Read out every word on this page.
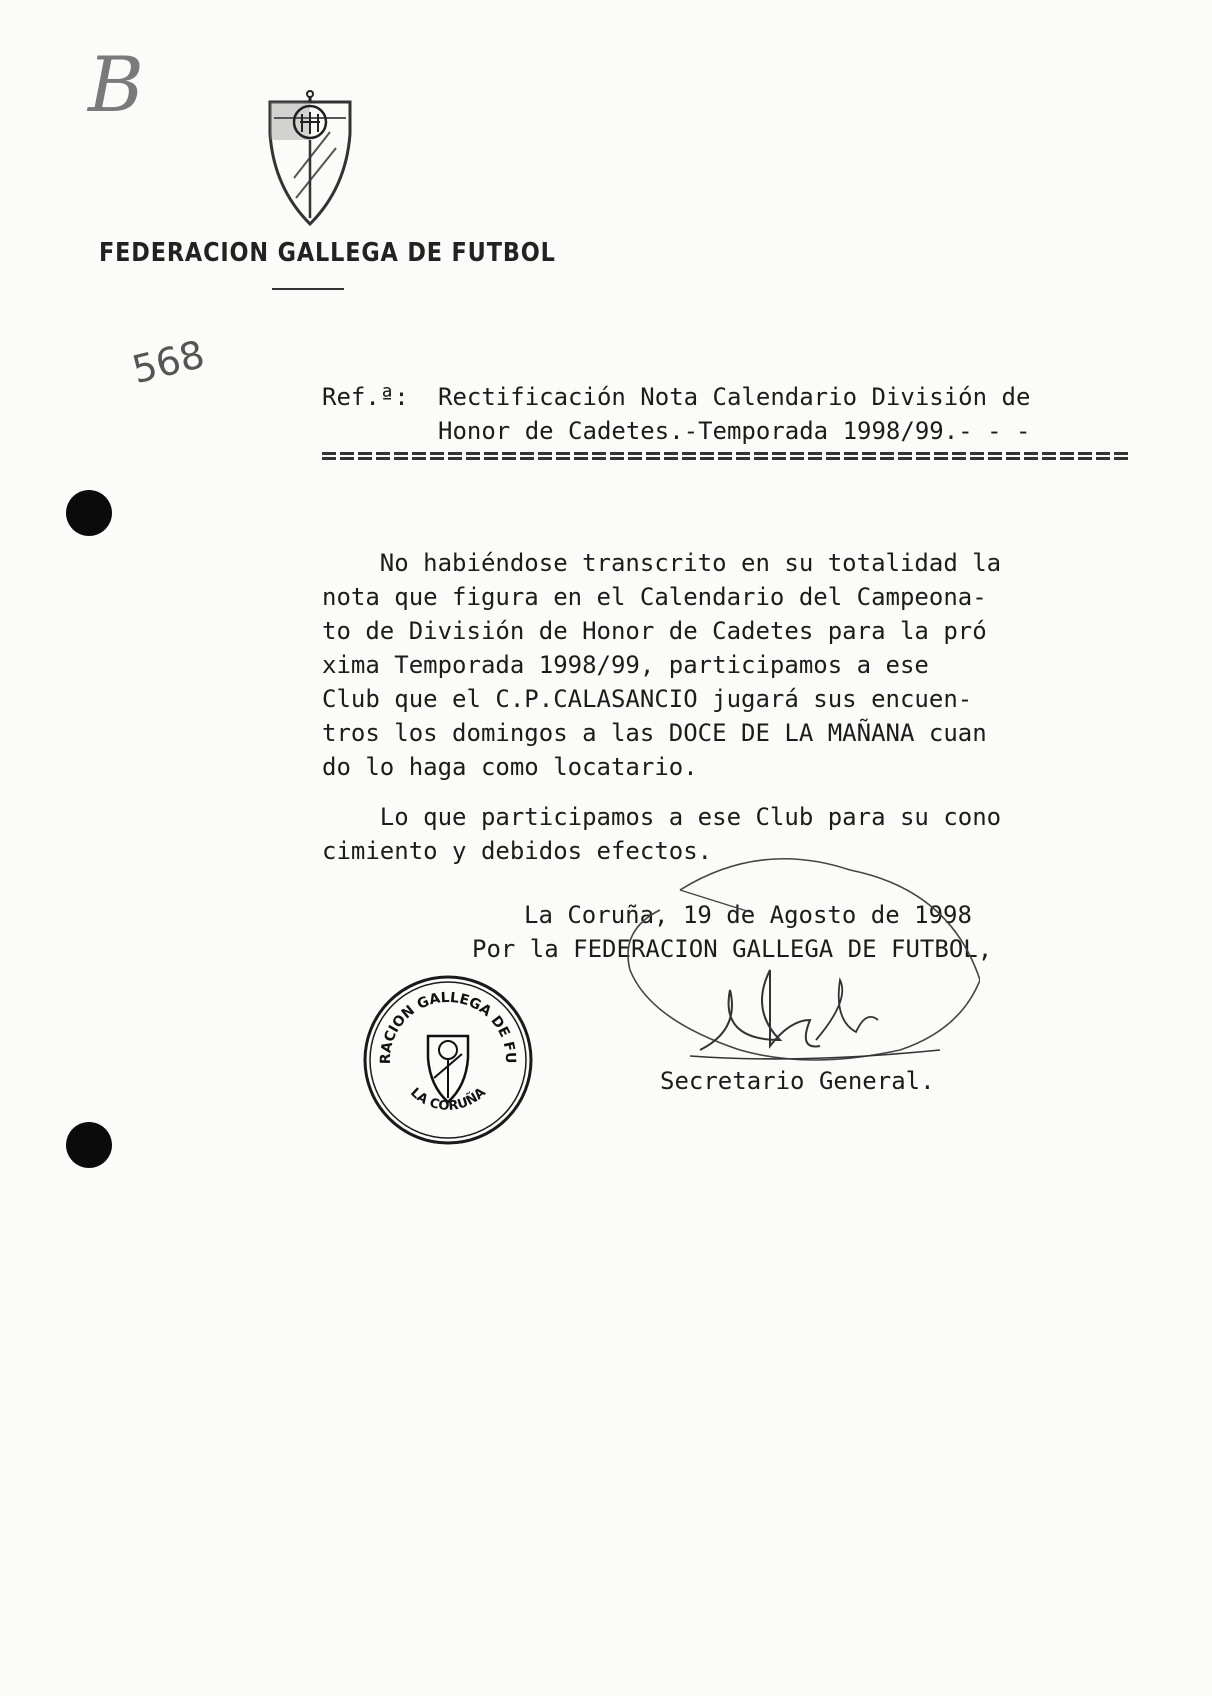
B
568
FEDERACION GALLEGA DE FUTBOL
Ref.ª: Rectificación Nota Calendario División de
Honor de Cadetes.-Temporada 1998/99.- - -
No habiéndose transcrito en su totalidad la
nota que figura en el Calendario del Campeona-
to de División de Honor de Cadetes para la pró
xima Temporada 1998/99, participamos a ese
Club que el C.P.CALASANCIO jugará sus encuen-
tros los domingos a las DOCE DE LA MAÑANA cuan
do lo haga como locatario.
Lo que participamos a ese Club para su cono
cimiento y debidos efectos.
La Coruña, 19 de Agosto de 1998
Por la FEDERACION GALLEGA DE FUTBOL,
Secretario General.
RACION GALLEGA DE FU
LA CORUÑA
